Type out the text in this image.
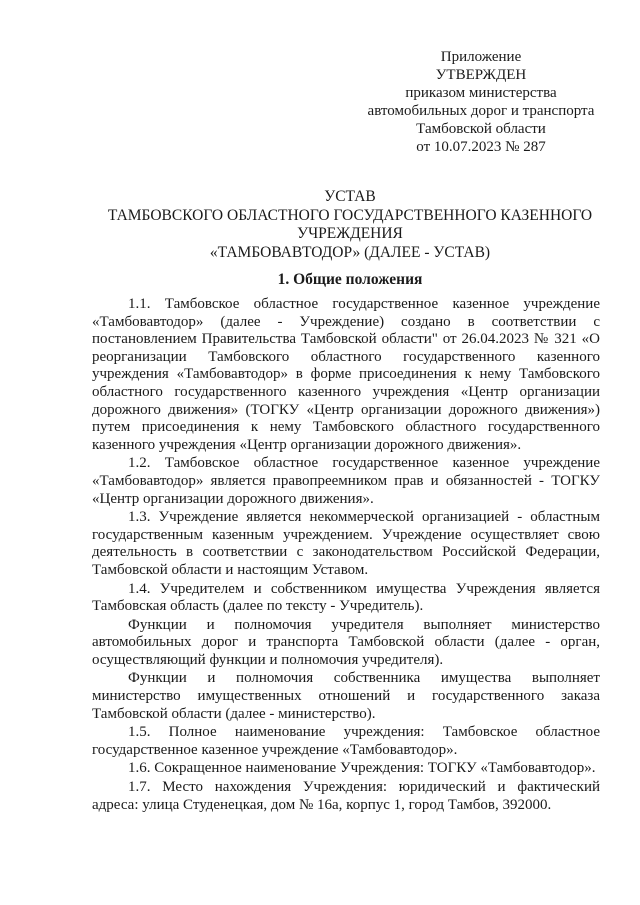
Приложение
УТВЕРЖДЕН
приказом министерства
автомобильных дорог и транспорта
Тамбовской области
от 10.07.2023 № 287
УСТАВ
ТАМБОВСКОГО ОБЛАСТНОГО ГОСУДАРСТВЕННОГО КАЗЕННОГО
УЧРЕЖДЕНИЯ
«ТАМБОВАВТОДОР» (ДАЛЕЕ - УСТАВ)
1. Общие положения

1.1. Тамбовское областное государственное казенное учреждение «Тамбовавтодор» (далее - Учреждение) создано в соответствии с постановлением Правительства Тамбовской области" от 26.04.2023 № 321 «О реорганизации Тамбовского областного государственного казенного учреждения «Тамбовавтодор» в форме присоединения к нему Тамбовского областного государственного казенного учреждения «Центр организации дорожного движения» (ТОГКУ «Центр организации дорожного движения») путем присоединения к нему Тамбовского областного государственного казенного учреждения «Центр организации дорожного движения».

1.2. Тамбовское областное государственное казенное учреждение «Тамбовавтодор» является правопреемником прав и обязанностей - ТОГКУ «Центр организации дорожного движения».

1.3. Учреждение является некоммерческой организацией - областным государственным казенным учреждением. Учреждение осуществляет свою деятельность в соответствии с законодательством Российской Федерации, Тамбовской области и настоящим Уставом.

1.4. Учредителем и собственником имущества Учреждения является Тамбовская область (далее по тексту - Учредитель).

Функции и полномочия учредителя выполняет министерство автомобильных дорог и транспорта Тамбовской области (далее - орган, осуществляющий функции и полномочия учредителя).

Функции и полномочия собственника имущества выполняет министерство имущественных отношений и государственного заказа Тамбовской области (далее - министерство).

1.5. Полное наименование учреждения: Тамбовское областное государственное казенное учреждение «Тамбовавтодор».

1.6. Сокращенное наименование Учреждения: ТОГКУ «Тамбовавтодор».

1.7. Место нахождения Учреждения: юридический и фактический адреса: улица Студенецкая, дом № 16а, корпус 1, город Тамбов, 392000.
